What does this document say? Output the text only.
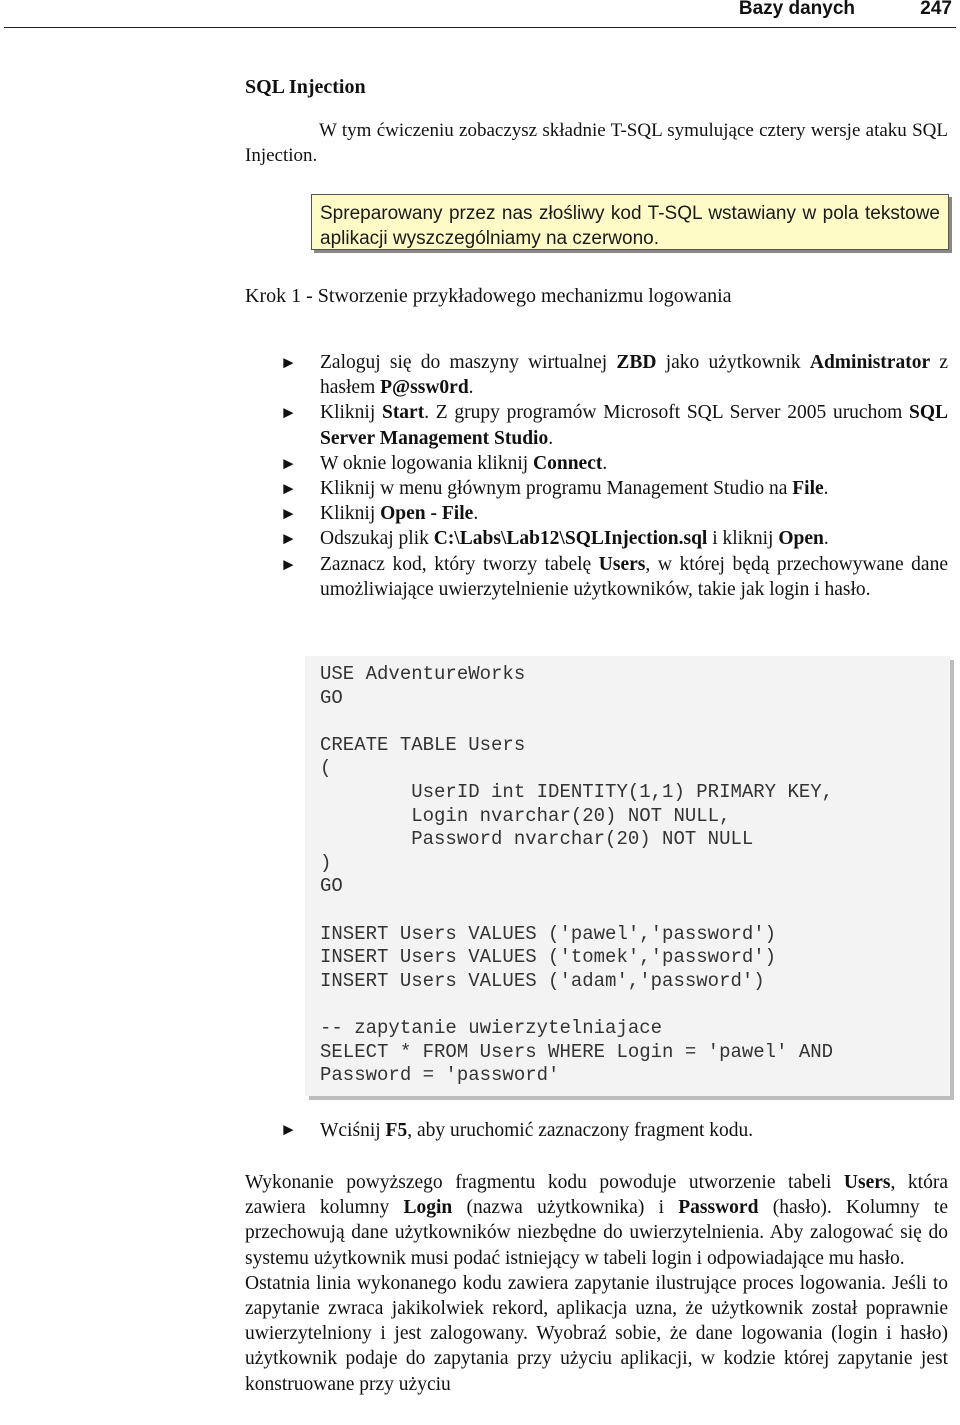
Bazy danych	247
SQL Injection
W tym ćwiczeniu zobaczysz składnie T-SQL symulujące cztery wersje ataku SQL Injection.
Spreparowany przez nas złośliwy kod T-SQL wstawiany w pola tekstowe aplikacji wyszczególniamy na czerwono.
Krok 1 - Stworzenie przykładowego mechanizmu logowania
► Zaloguj się do maszyny wirtualnej ZBD jako użytkownik Administrator z hasłem P@ssw0rd.
► Kliknij Start. Z grupy programów Microsoft SQL Server 2005 uruchom SQL Server Management Studio.
► W oknie logowania kliknij Connect.
► Kliknij w menu głównym programu Management Studio na File.
► Kliknij Open - File.
► Odszukaj plik C:\Labs\Lab12\SQLInjection.sql i kliknij Open.
► Zaznacz kod, który tworzy tabelę Users, w której będą przechowywane dane umożliwiające uwierzytelnienie użytkowników, takie jak login i hasło.
USE AdventureWorks
GO

CREATE TABLE Users
(
UserID int IDENTITY(1,1) PRIMARY KEY,
Login nvarchar(20) NOT NULL,
Password nvarchar(20) NOT NULL
)
GO

INSERT Users VALUES ('pawel','password')
INSERT Users VALUES ('tomek','password')
INSERT Users VALUES ('adam','password')

-- zapytanie uwierzytelniajace
SELECT * FROM Users WHERE Login = 'pawel' AND
Password = 'password'
► Wciśnij F5, aby uruchomić zaznaczony fragment kodu.

Wykonanie powyższego fragmentu kodu powoduje utworzenie tabeli Users, która zawiera kolumny Login (nazwa użytkownika) i Password (hasło). Kolumny te przechowują dane użytkowników niezbędne do uwierzytelnienia. Aby zalogować się do systemu użytkownik musi podać istniejący w tabeli login i odpowiadające mu hasło.

Ostatnia linia wykonanego kodu zawiera zapytanie ilustrujące proces logowania. Jeśli to zapytanie zwraca jakikolwiek rekord, aplikacja uzna, że użytkownik został poprawnie uwierzytelniony i jest zalogowany. Wyobraź sobie, że dane logowania (login i hasło) użytkownik podaje do zapytania przy użyciu aplikacji, w kodzie której zapytanie jest konstruowane przy użyciu
